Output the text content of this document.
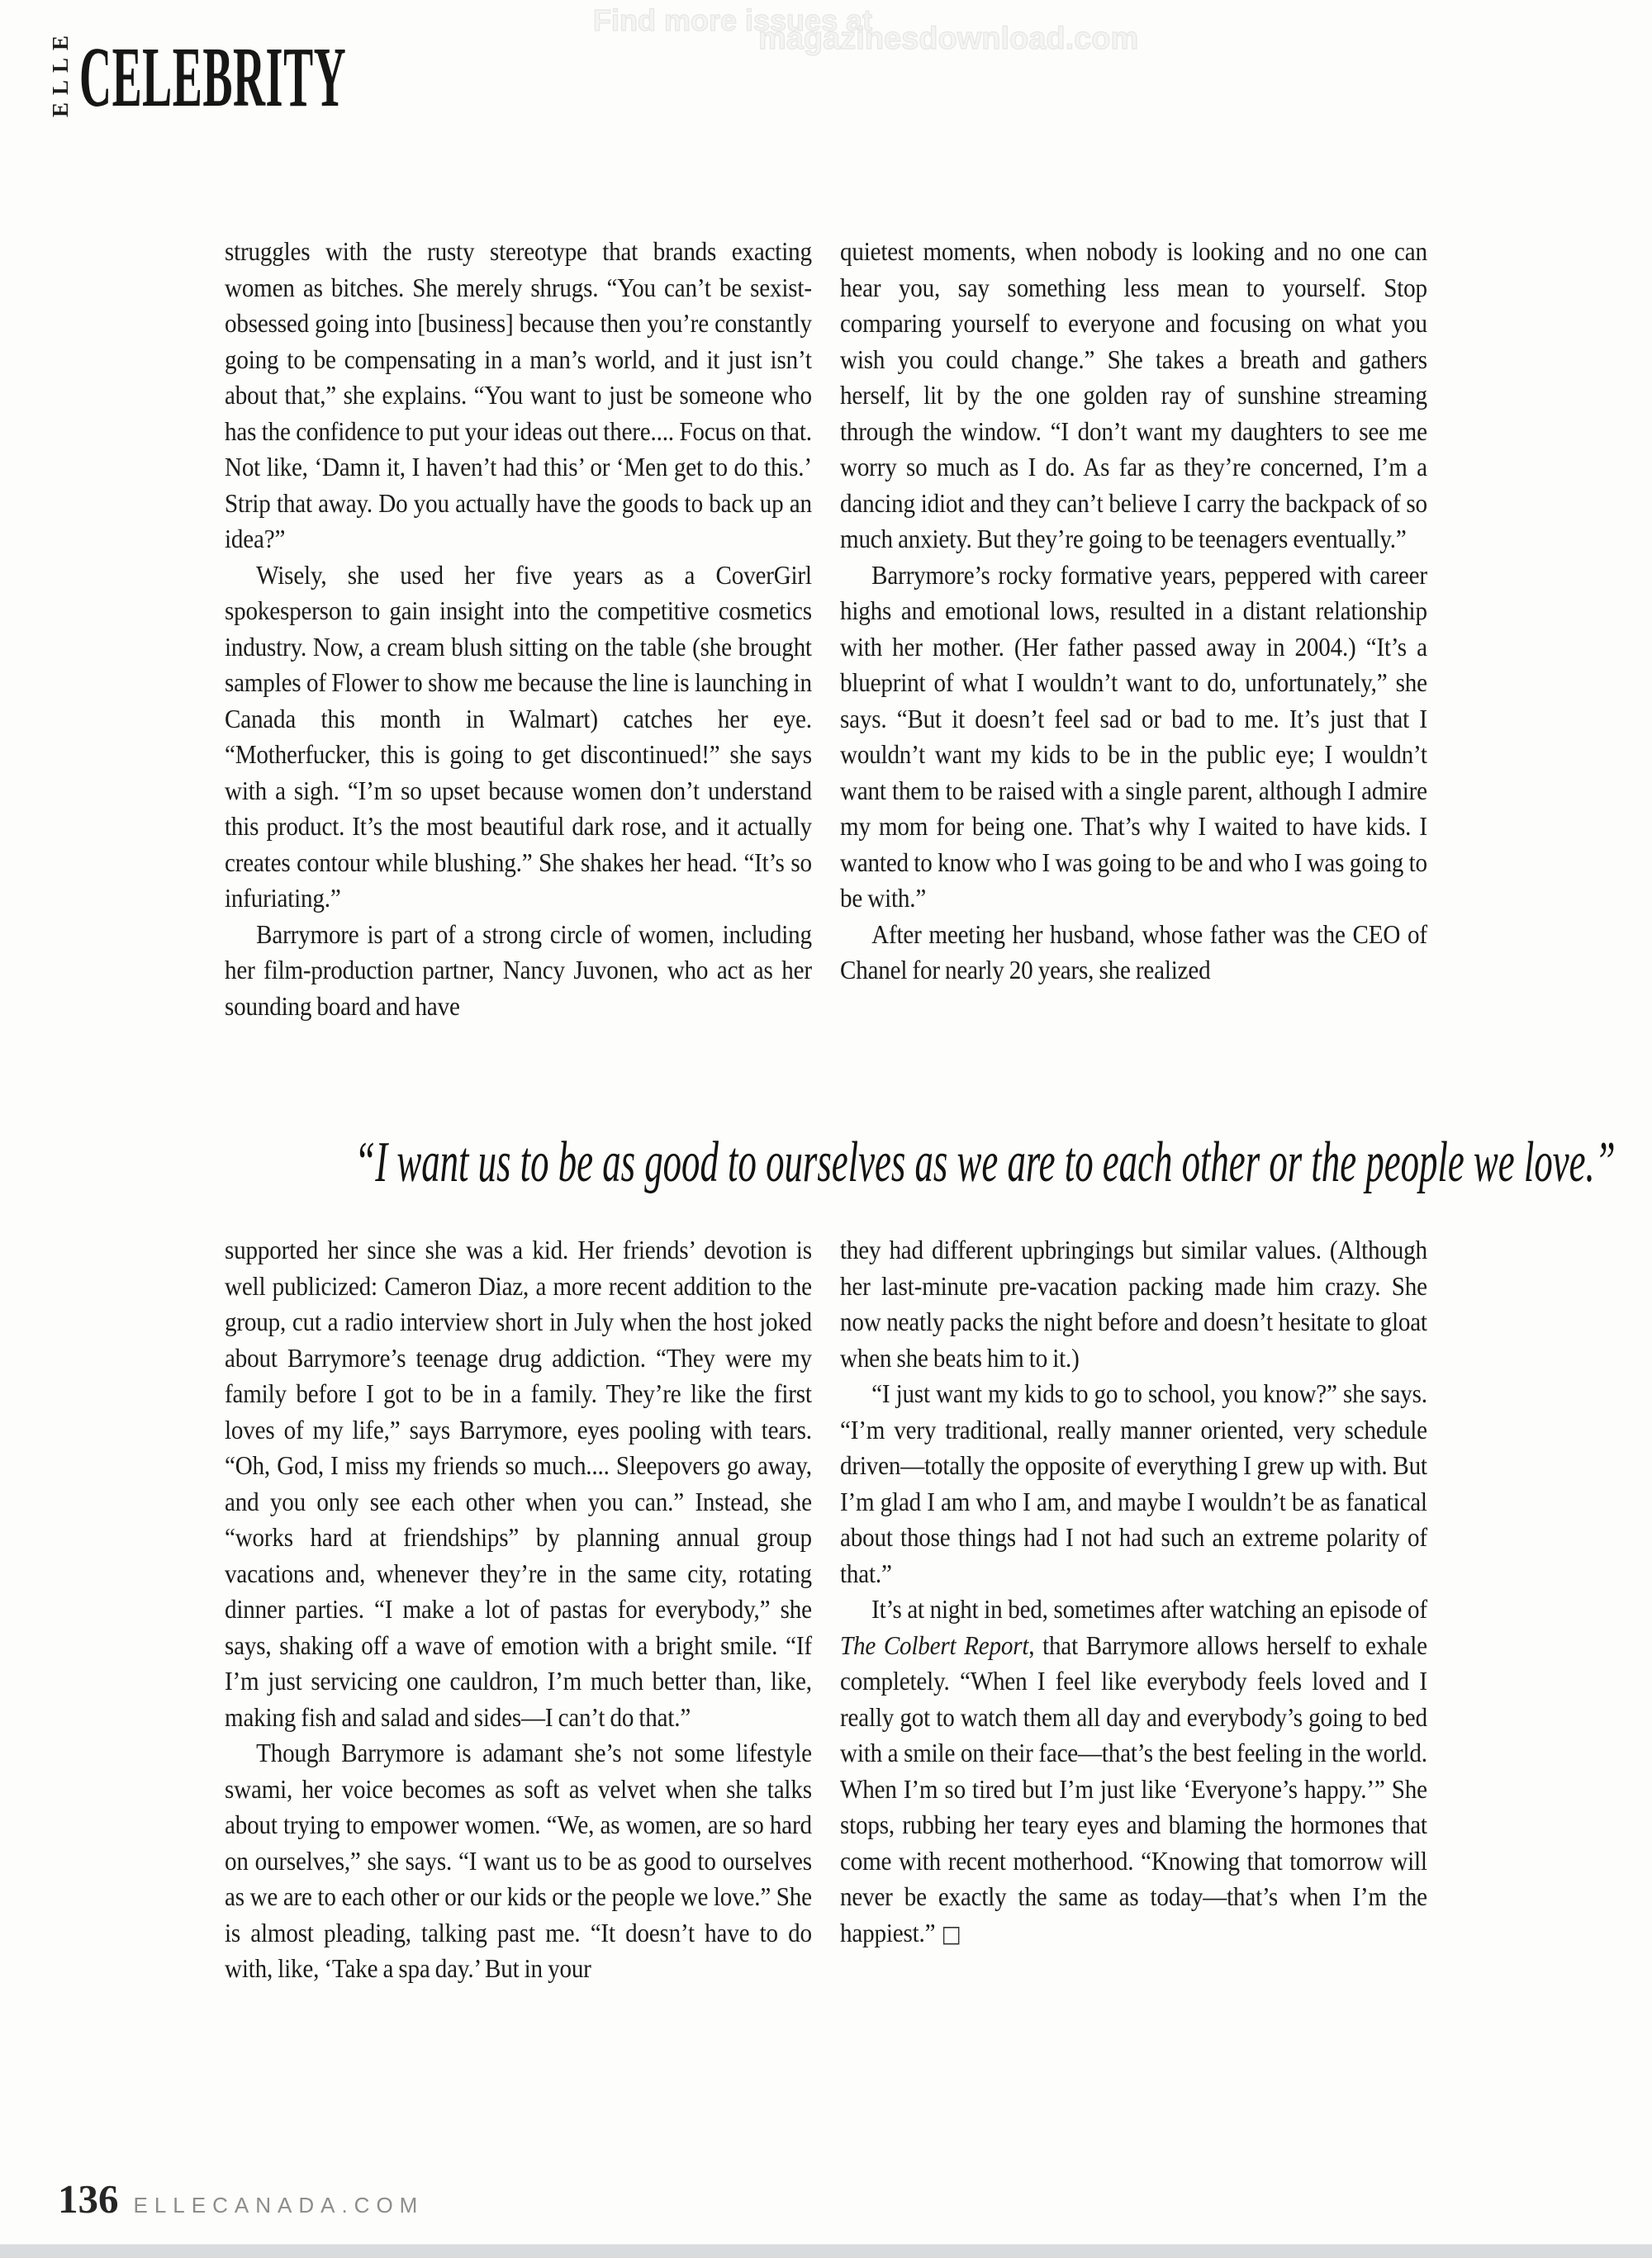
ELLE CELEBRITY
Find more issues at
magazinesdownload.com

struggles with the rusty stereotype that brands exacting women as bitches. She merely shrugs. “You can’t be sexist-obsessed going into [business] because then you’re constantly going to be compensating in a man’s world, and it just isn’t about that,” she explains. “You want to just be someone who has the confidence to put your ideas out there.... Focus on that. Not like, ‘Damn it, I haven’t had this’ or ‘Men get to do this.’ Strip that away. Do you actually have the goods to back up an idea?”

Wisely, she used her five years as a CoverGirl spokesperson to gain insight into the competitive cosmetics industry. Now, a cream blush sitting on the table (she brought samples of Flower to show me because the line is launching in Canada this month in Walmart) catches her eye. “Motherfucker, this is going to get discontinued!” she says with a sigh. “I’m so upset because women don’t understand this product. It’s the most beautiful dark rose, and it actually creates contour while blushing.” She shakes her head. “It’s so infuriating.”

Barrymore is part of a strong circle of women, including her film-production partner, Nancy Juvonen, who act as her sounding board and have

quietest moments, when nobody is looking and no one can hear you, say something less mean to yourself. Stop comparing yourself to everyone and focusing on what you wish you could change.” She takes a breath and gathers herself, lit by the one golden ray of sunshine streaming through the window. “I don’t want my daughters to see me worry so much as I do. As far as they’re concerned, I’m a dancing idiot and they can’t believe I carry the backpack of so much anxiety. But they’re going to be teenagers eventually.”

Barrymore’s rocky formative years, peppered with career highs and emotional lows, resulted in a distant relationship with her mother. (Her father passed away in 2004.) “It’s a blueprint of what I wouldn’t want to do, unfortunately,” she says. “But it doesn’t feel sad or bad to me. It’s just that I wouldn’t want my kids to be in the public eye; I wouldn’t want them to be raised with a single parent, although I admire my mom for being one. That’s why I waited to have kids. I wanted to know who I was going to be and who I was going to be with.”

After meeting her husband, whose father was the CEO of Chanel for nearly 20 years, she realized

“I want us to be as good to ourselves as we are to each other or the people we love.”

supported her since she was a kid. Her friends’ devotion is well publicized: Cameron Diaz, a more recent addition to the group, cut a radio interview short in July when the host joked about Barrymore’s teenage drug addiction. “They were my family before I got to be in a family. They’re like the first loves of my life,” says Barrymore, eyes pooling with tears. “Oh, God, I miss my friends so much.... Sleepovers go away, and you only see each other when you can.” Instead, she “works hard at friendships” by planning annual group vacations and, whenever they’re in the same city, rotating dinner parties. “I make a lot of pastas for everybody,” she says, shaking off a wave of emotion with a bright smile. “If I’m just servicing one cauldron, I’m much better than, like, making fish and salad and sides—I can’t do that.”

Though Barrymore is adamant she’s not some lifestyle swami, her voice becomes as soft as velvet when she talks about trying to empower women. “We, as women, are so hard on ourselves,” she says. “I want us to be as good to ourselves as we are to each other or our kids or the people we love.” She is almost pleading, talking past me. “It doesn’t have to do with, like, ‘Take a spa day.’ But in your

they had different upbringings but similar values. (Although her last-minute pre-vacation packing made him crazy. She now neatly packs the night before and doesn’t hesitate to gloat when she beats him to it.)

“I just want my kids to go to school, you know?” she says. “I’m very traditional, really manner oriented, very schedule driven—totally the opposite of everything I grew up with. But I’m glad I am who I am, and maybe I wouldn’t be as fanatical about those things had I not had such an extreme polarity of that.”

It’s at night in bed, sometimes after watching an episode of The Colbert Report, that Barrymore allows herself to exhale completely. “When I feel like everybody feels loved and I really got to watch them all day and everybody’s going to bed with a smile on their face—that’s the best feeling in the world. When I’m so tired but I’m just like ‘Everyone’s happy.’” She stops, rubbing her teary eyes and blaming the hormones that come with recent motherhood. “Knowing that tomorrow will never be exactly the same as today—that’s when I’m the happiest.” □

136 ELLECANADA.COM
